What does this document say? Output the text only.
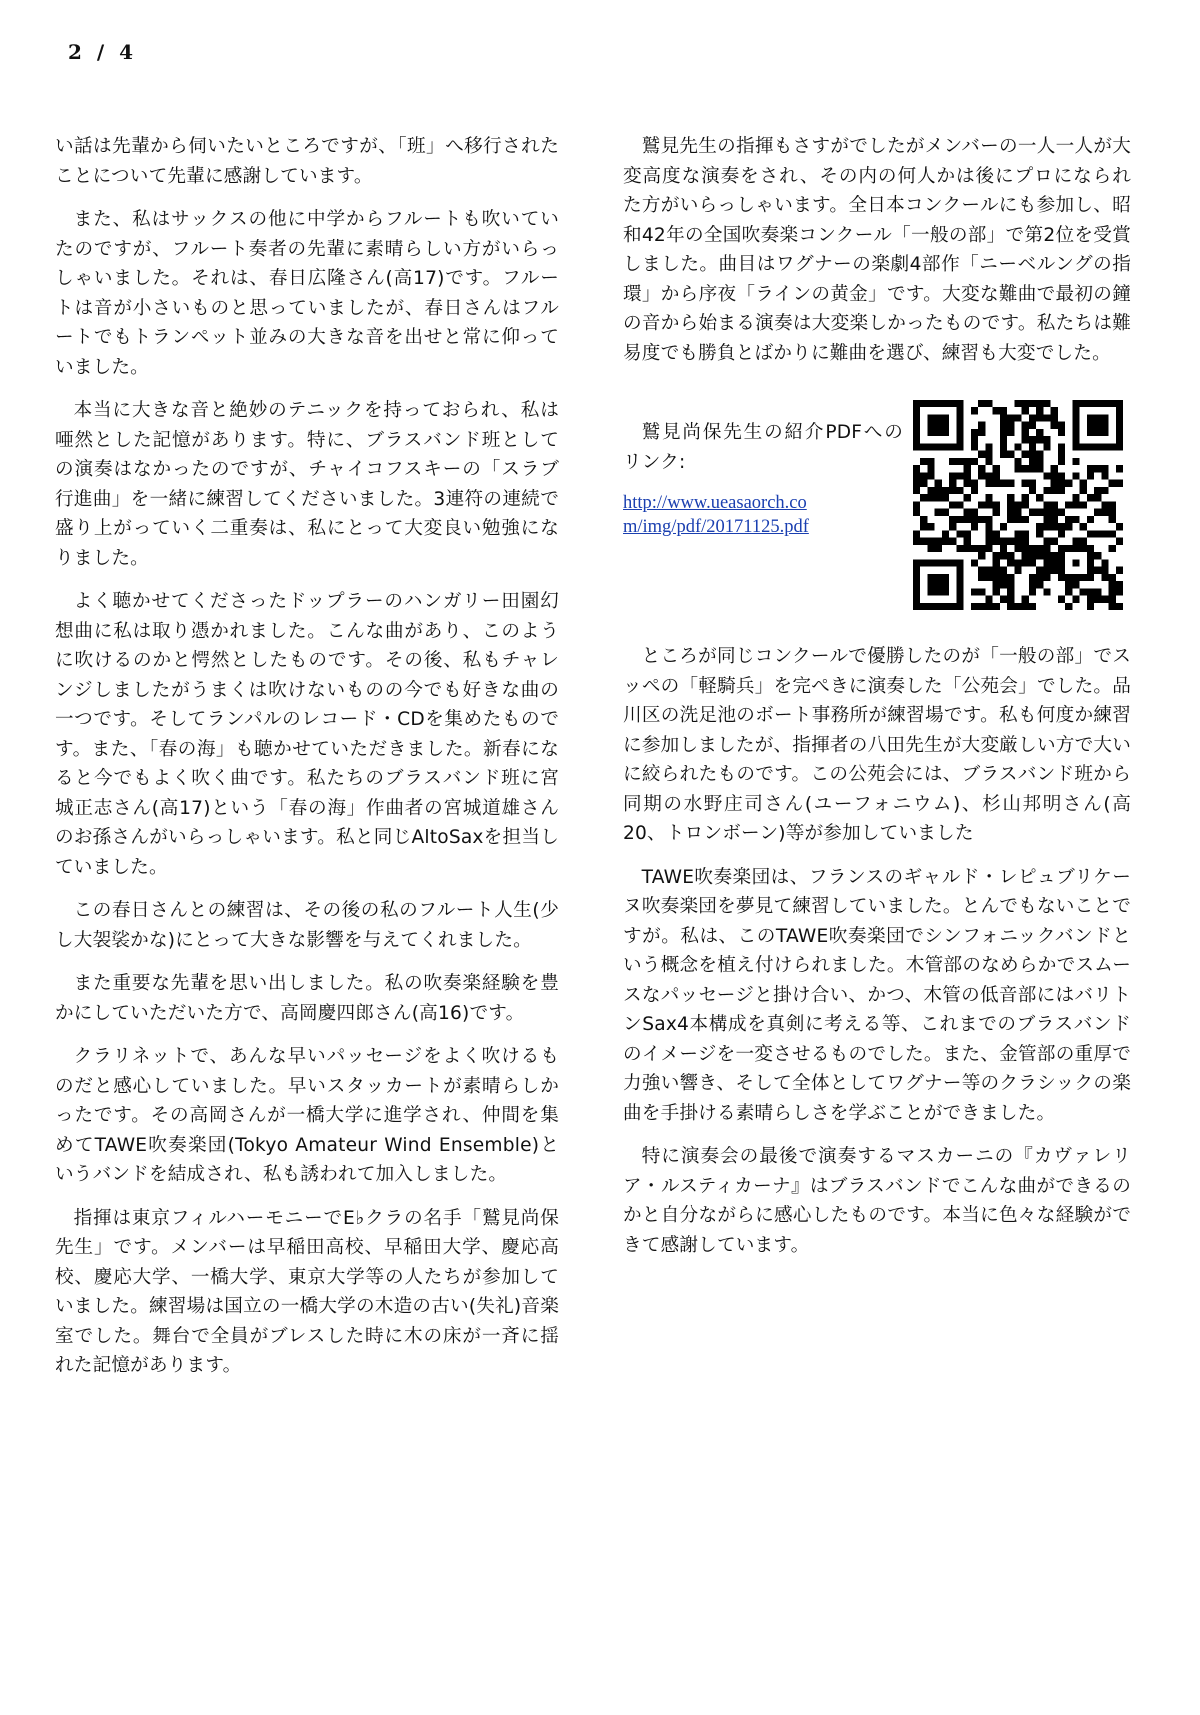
2 / 4

い話は先輩から伺いたいところですが、「班」へ移行されたことについて先輩に感謝しています。

また、私はサックスの他に中学からフルートも吹いていたのですが、フルート奏者の先輩に素晴らしい方がいらっしゃいました。それは、春日広隆さん(高17)です。フルートは音が小さいものと思っていましたが、春日さんはフルートでもトランペット並みの大きな音を出せと常に仰っていました。

本当に大きな音と絶妙のテニックを持っておられ、私は唖然とした記憶があります。特に、ブラスバンド班としての演奏はなかったのですが、チャイコフスキーの「スラブ行進曲」を一緒に練習してくださいました。3連符の連続で盛り上がっていく二重奏は、私にとって大変良い勉強になりました。

よく聴かせてくださったドップラーのハンガリー田園幻想曲に私は取り憑かれました。こんな曲があり、このように吹けるのかと愕然としたものです。その後、私もチャレンジしましたがうまくは吹けないものの今でも好きな曲の一つです。そしてランパルのレコード・CDを集めたものです。また、「春の海」も聴かせていただきました。新春になると今でもよく吹く曲です。私たちのブラスバンド班に宮城正志さん(高17)という「春の海」作曲者の宮城道雄さんのお孫さんがいらっしゃいます。私と同じAltoSaxを担当していました。

この春日さんとの練習は、その後の私のフルート人生(少し大袈裟かな)にとって大きな影響を与えてくれました。

また重要な先輩を思い出しました。私の吹奏楽経験を豊かにしていただいた方で、高岡慶四郎さん(高16)です。

クラリネットで、あんな早いパッセージをよく吹けるものだと感心していました。早いスタッカートが素晴らしかったです。その高岡さんが一橋大学に進学され、仲間を集めてTAWE吹奏楽団(Tokyo Amateur Wind Ensemble)というバンドを結成され、私も誘われて加入しました。

指揮は東京フィルハーモニーでE♭クラの名手「鷲見尚保 先生」です。メンバーは早稲田高校、早稲田大学、慶応高校、慶応大学、一橋大学、東京大学等の人たちが参加していました。練習場は国立の一橋大学の木造の古い(失礼)音楽室でした。舞台で全員がブレスした時に木の床が一斉に揺れた記憶があります。

鷲見先生の指揮もさすがでしたがメンバーの一人一人が大変高度な演奏をされ、その内の何人かは後にプロになられた方がいらっしゃいます。全日本コンクールにも参加し、昭和42年の全国吹奏楽コンクール「一般の部」で第2位を受賞しました。曲目はワグナーの楽劇4部作「ニーベルングの指環」から序夜「ラインの黄金」です。大変な難曲で最初の鐘の音から始まる演奏は大変楽しかったものです。私たちは難易度でも勝負とばかりに難曲を選び、練習も大変でした。

鷲見尚保先生の紹介PDFへのリンク:

http://www.ueasaorch.com/img/pdf/20171125.pdf

ところが同じコンクールで優勝したのが「一般の部」でスッペの「軽騎兵」を完ぺきに演奏した「公苑会」でした。品川区の洗足池のボート事務所が練習場です。私も何度か練習に参加しましたが、指揮者の八田先生が大変厳しい方で大いに絞られたものです。この公苑会には、ブラスバンド班から同期の水野庄司さん(ユーフォニウム)、杉山邦明さん(高20、トロンボーン)等が参加していました

TAWE吹奏楽団は、フランスのギャルド・レピュブリケーヌ吹奏楽団を夢見て練習していました。とんでもないことですが。私は、このTAWE吹奏楽団でシンフォニックバンドという概念を植え付けられました。木管部のなめらかでスムースなパッセージと掛け合い、かつ、木管の低音部にはバリトンSax4本構成を真剣に考える等、これまでのブラスバンドのイメージを一変させるものでした。また、金管部の重厚で力強い響き、そして全体としてワグナー等のクラシックの楽曲を手掛ける素晴らしさを学ぶことができました。

特に演奏会の最後で演奏するマスカーニの『カヴァレリア・ルスティカーナ』はブラスバンドでこんな曲ができるのかと自分ながらに感心したものです。本当に色々な経験ができて感謝しています。
